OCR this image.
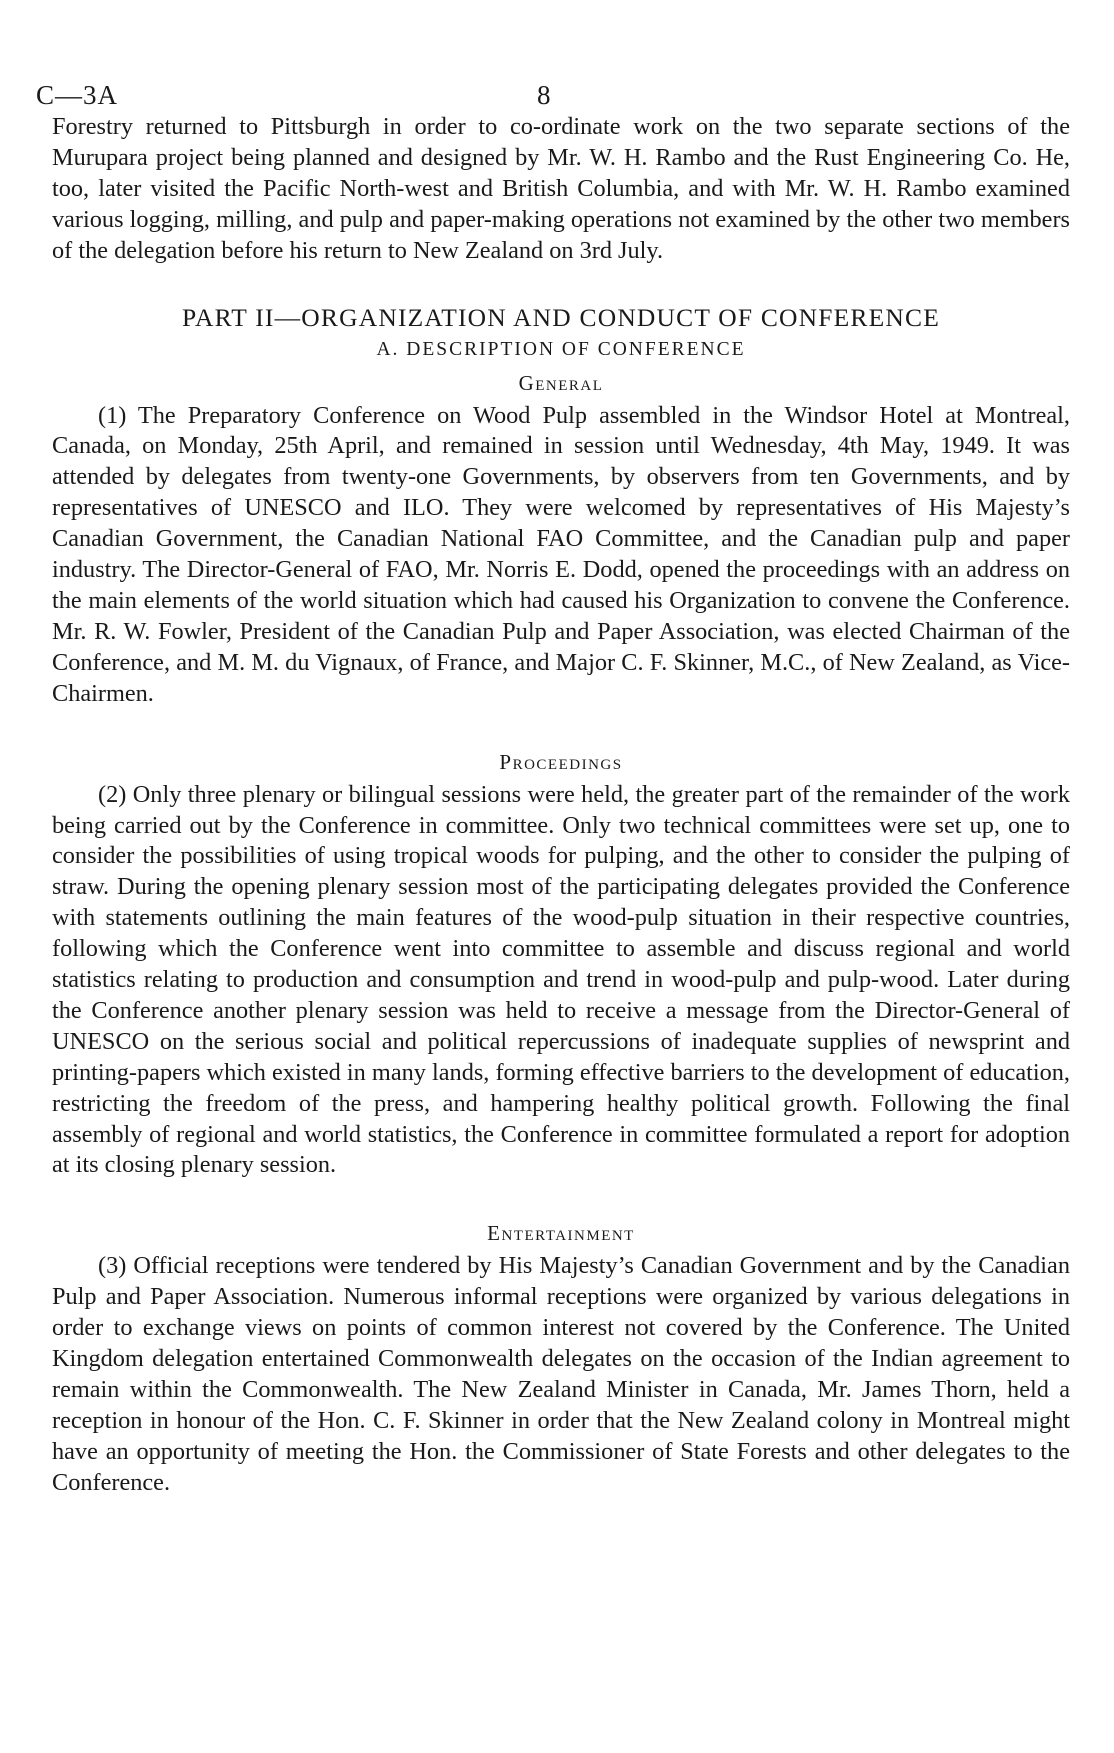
C—3A	8

Forestry returned to Pittsburgh in order to co-ordinate work on the two separate sections of the Murupara project being planned and designed by Mr. W. H. Rambo and the Rust Engineering Co. He, too, later visited the Pacific North-west and British Columbia, and with Mr. W. H. Rambo examined various logging, milling, and pulp and paper-making operations not examined by the other two members of the delegation before his return to New Zealand on 3rd July.

PART II—ORGANIZATION AND CONDUCT OF CONFERENCE
A. DESCRIPTION OF CONFERENCE
General

(1) The Preparatory Conference on Wood Pulp assembled in the Windsor Hotel at Montreal, Canada, on Monday, 25th April, and remained in session until Wednesday, 4th May, 1949. It was attended by delegates from twenty-one Governments, by observers from ten Governments, and by representatives of UNESCO and ILO. They were welcomed by representatives of His Majesty’s Canadian Government, the Canadian National FAO Committee, and the Canadian pulp and paper industry. The Director-General of FAO, Mr. Norris E. Dodd, opened the proceedings with an address on the main elements of the world situation which had caused his Organization to convene the Conference. Mr. R. W. Fowler, President of the Canadian Pulp and Paper Association, was elected Chairman of the Conference, and M. M. du Vignaux, of France, and Major C. F. Skinner, M.C., of New Zealand, as Vice-Chairmen.

Proceedings

(2) Only three plenary or bilingual sessions were held, the greater part of the remainder of the work being carried out by the Conference in committee. Only two technical committees were set up, one to consider the possibilities of using tropical woods for pulping, and the other to consider the pulping of straw. During the opening plenary session most of the participating delegates provided the Conference with statements outlining the main features of the wood-pulp situation in their respective countries, following which the Conference went into committee to assemble and discuss regional and world statistics relating to production and consumption and trend in wood-pulp and pulp-wood. Later during the Conference another plenary session was held to receive a message from the Director-General of UNESCO on the serious social and political repercussions of inadequate supplies of newsprint and printing-papers which existed in many lands, forming effective barriers to the development of education, restricting the freedom of the press, and hampering healthy political growth. Following the final assembly of regional and world statistics, the Conference in committee formulated a report for adoption at its closing plenary session.

Entertainment

(3) Official receptions were tendered by His Majesty’s Canadian Government and by the Canadian Pulp and Paper Association. Numerous informal receptions were organized by various delegations in order to exchange views on points of common interest not covered by the Conference. The United Kingdom delegation entertained Commonwealth delegates on the occasion of the Indian agreement to remain within the Commonwealth. The New Zealand Minister in Canada, Mr. James Thorn, held a reception in honour of the Hon. C. F. Skinner in order that the New Zealand colony in Montreal might have an opportunity of meeting the Hon. the Commissioner of State Forests and other delegates to the Conference.
